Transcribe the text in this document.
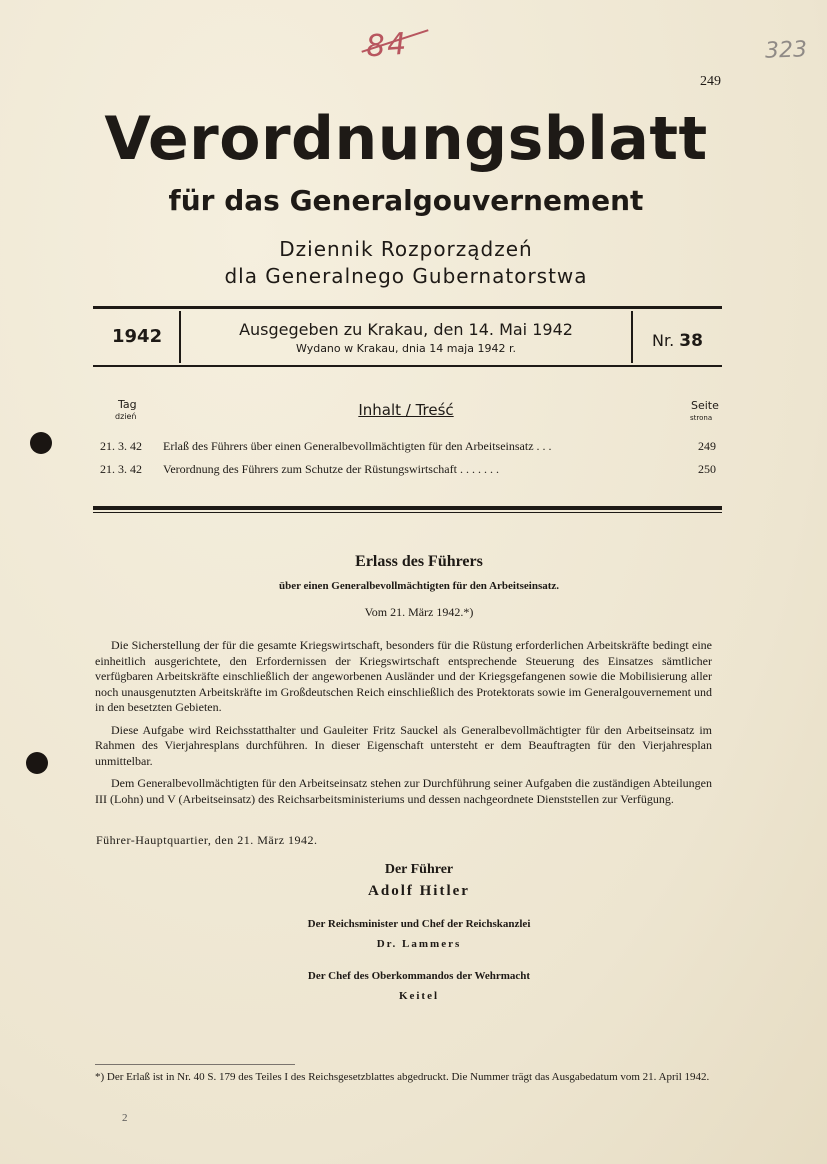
84	323
249
Verordnungsblatt
für das Generalgouvernement
Dziennik Rozporządzeń
dla Generalnego Gubernatorstwa
1942	Ausgegeben zu Krakau, den 14. Mai 1942
Wydano w Krakau, dnia 14 maja 1942 r.	Nr. 38
Tag
dzień	Inhalt / Treść	Seite
strona
21. 3. 42 Erlaß des Führers über einen Generalbevollmächtigten für den Arbeitseinsatz . . .	249
21. 3. 42 Verordnung des Führers zum Schutze der Rüstungswirtschaft . . . . . . .	250
Erlass des Führers
über einen Generalbevollmächtigten für den Arbeitseinsatz.
Vom 21. März 1942.*)

Die Sicherstellung der für die gesamte Kriegswirtschaft, besonders für die Rüstung erforderlichen Arbeitskräfte bedingt eine einheitlich ausgerichtete, den Erfordernissen der Kriegswirtschaft entsprechende Steuerung des Einsatzes sämtlicher verfügbaren Arbeitskräfte einschließlich der angeworbenen Ausländer und der Kriegsgefangenen sowie die Mobilisierung aller noch unausgenutzten Arbeitskräfte im Großdeutschen Reich einschließlich des Protektorats sowie im Generalgouvernement und in den besetzten Gebieten.

Diese Aufgabe wird Reichsstatthalter und Gauleiter Fritz Sauckel als Generalbevollmächtigter für den Arbeitseinsatz im Rahmen des Vierjahresplans durchführen. In dieser Eigenschaft untersteht er dem Beauftragten für den Vierjahresplan unmittelbar.

Dem Generalbevollmächtigten für den Arbeitseinsatz stehen zur Durchführung seiner Aufgaben die zuständigen Abteilungen III (Lohn) und V (Arbeitseinsatz) des Reichsarbeitsministeriums und dessen nachgeordnete Dienststellen zur Verfügung.

Führer-Hauptquartier, den 21. März 1942.
Der Führer
Adolf Hitler
Der Reichsminister und Chef der Reichskanzlei
Dr. Lammers
Der Chef des Oberkommandos der Wehrmacht
Keitel
*) Der Erlaß ist in Nr. 40 S. 179 des Teiles I des Reichsgesetzblattes abgedruckt. Die Nummer trägt das Ausgabedatum vom 21. April 1942.
2
